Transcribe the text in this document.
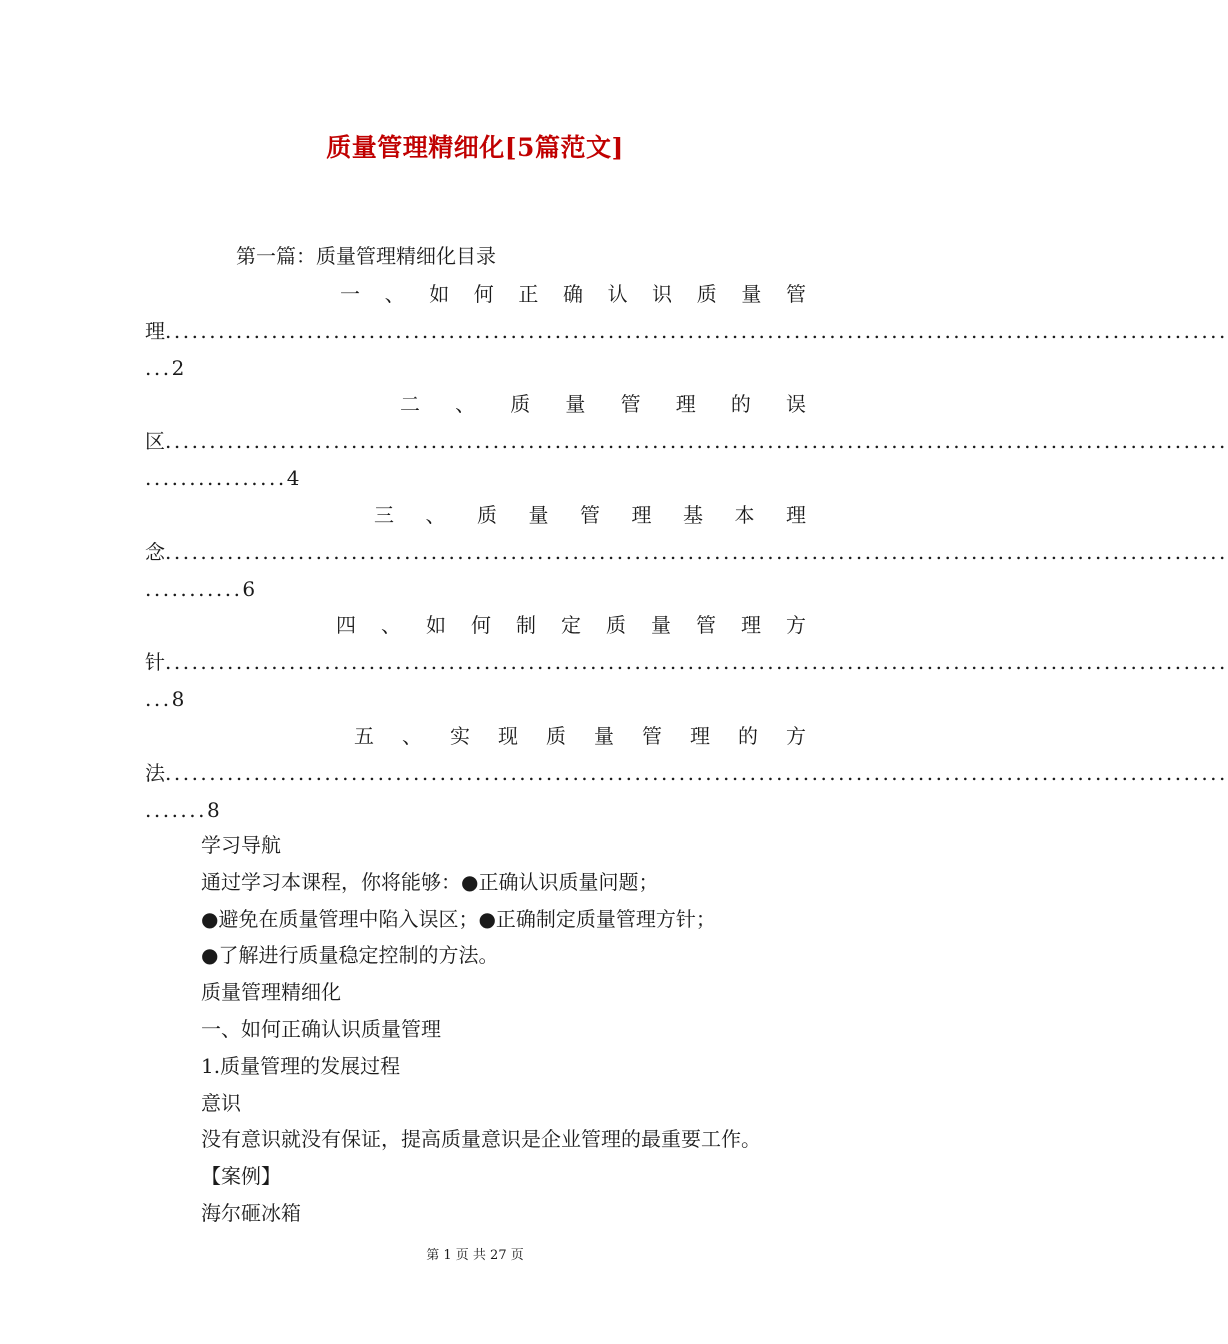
质量管理精细化[5篇范文]
第一篇：质量管理精细化目录
一 、 如 何 正 确 认 识 质 量 管
理........................................................................................................................
...2
二 、 质 量 管 理 的 误
区........................................................................................................................
................4
三 、 质 量 管 理 基 本 理
念........................................................................................................................
...........6
四 、 如 何 制 定 质 量 管 理 方
针........................................................................................................................
...8
五 、 实 现 质 量 管 理 的 方
法........................................................................................................................
.......8
学习导航
通过学习本课程，你将能够：●正确认识质量问题；
●避免在质量管理中陷入误区；●正确制定质量管理方针；
●了解进行质量稳定控制的方法。
质量管理精细化
一、如何正确认识质量管理
1.质量管理的发展过程
意识
没有意识就没有保证，提高质量意识是企业管理的最重要工作。
【案例】
海尔砸冰箱
第 1 页 共 27 页
